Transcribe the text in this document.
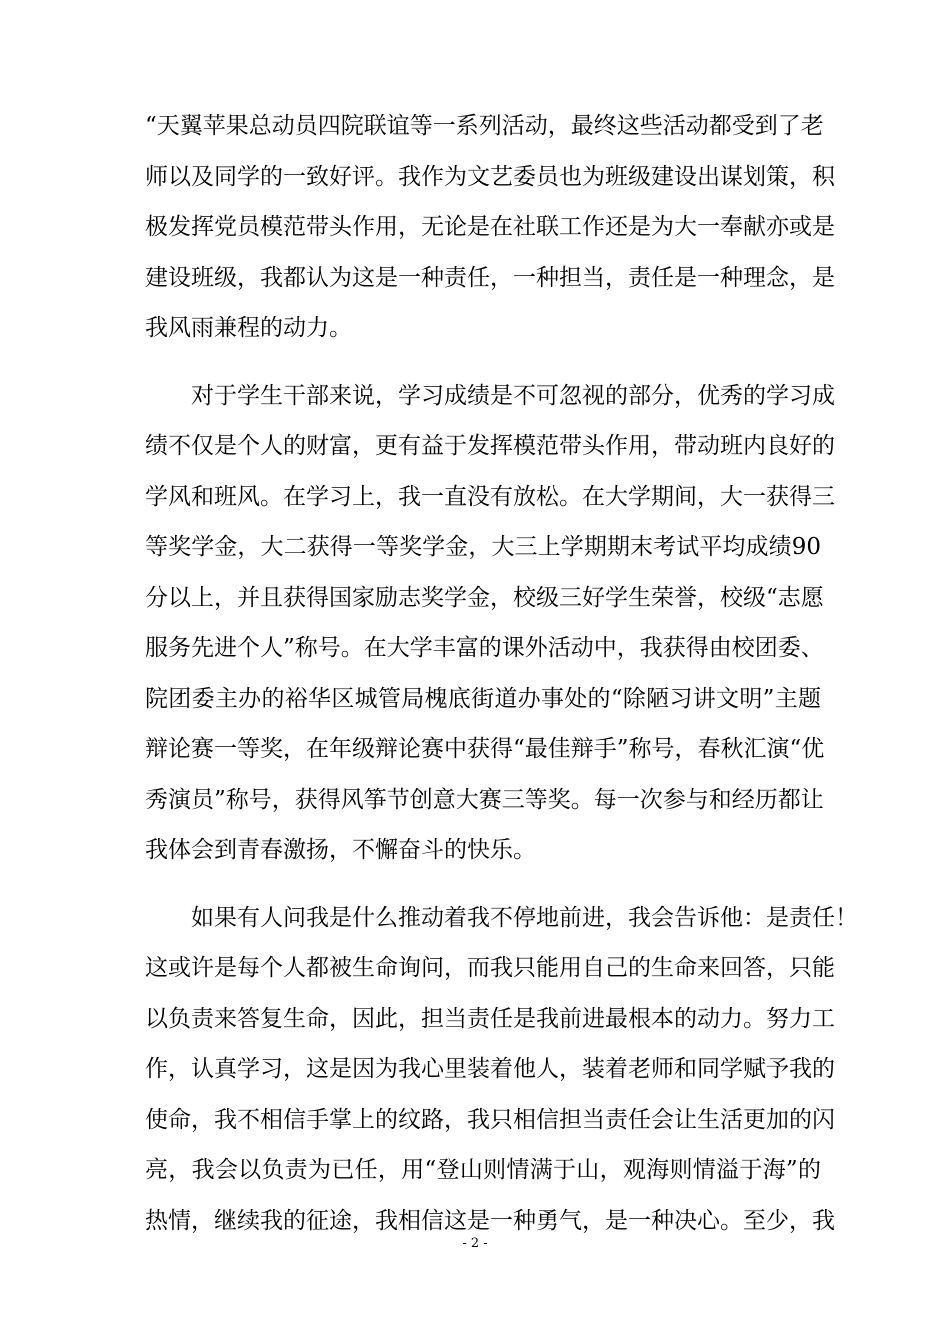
“天翼苹果总动员四院联谊等一系列活动，最终这些活动都受到了老
师以及同学的一致好评。我作为文艺委员也为班级建设出谋划策，积
极发挥党员模范带头作用，无论是在社联工作还是为大一奉献亦或是
建设班级，我都认为这是一种责任，一种担当，责任是一种理念，是
我风雨兼程的动力。
对于学生干部来说，学习成绩是不可忽视的部分，优秀的学习成
绩不仅是个人的财富，更有益于发挥模范带头作用，带动班内良好的
学风和班风。在学习上，我一直没有放松。在大学期间，大一获得三
等奖学金，大二获得一等奖学金，大三上学期期末考试平均成绩90
分以上，并且获得国家励志奖学金，校级三好学生荣誉，校级“志愿
服务先进个人”称号。在大学丰富的课外活动中，我获得由校团委、
院团委主办的裕华区城管局槐底街道办事处的“除陋习讲文明”主题
辩论赛一等奖，在年级辩论赛中获得“最佳辩手”称号，春秋汇演“优
秀演员”称号，获得风筝节创意大赛三等奖。每一次参与和经历都让
我体会到青春激扬，不懈奋斗的快乐。
如果有人问我是什么推动着我不停地前进，我会告诉他：是责任！
这或许是每个人都被生命询问，而我只能用自己的生命来回答，只能
以负责来答复生命，因此，担当责任是我前进最根本的动力。努力工
作，认真学习，这是因为我心里装着他人，装着老师和同学赋予我的
使命，我不相信手掌上的纹路，我只相信担当责任会让生活更加的闪
亮，我会以负责为已任，用“登山则情满于山，观海则情溢于海”的
热情，继续我的征途，我相信这是一种勇气，是一种决心。至少，我
- 2 -
